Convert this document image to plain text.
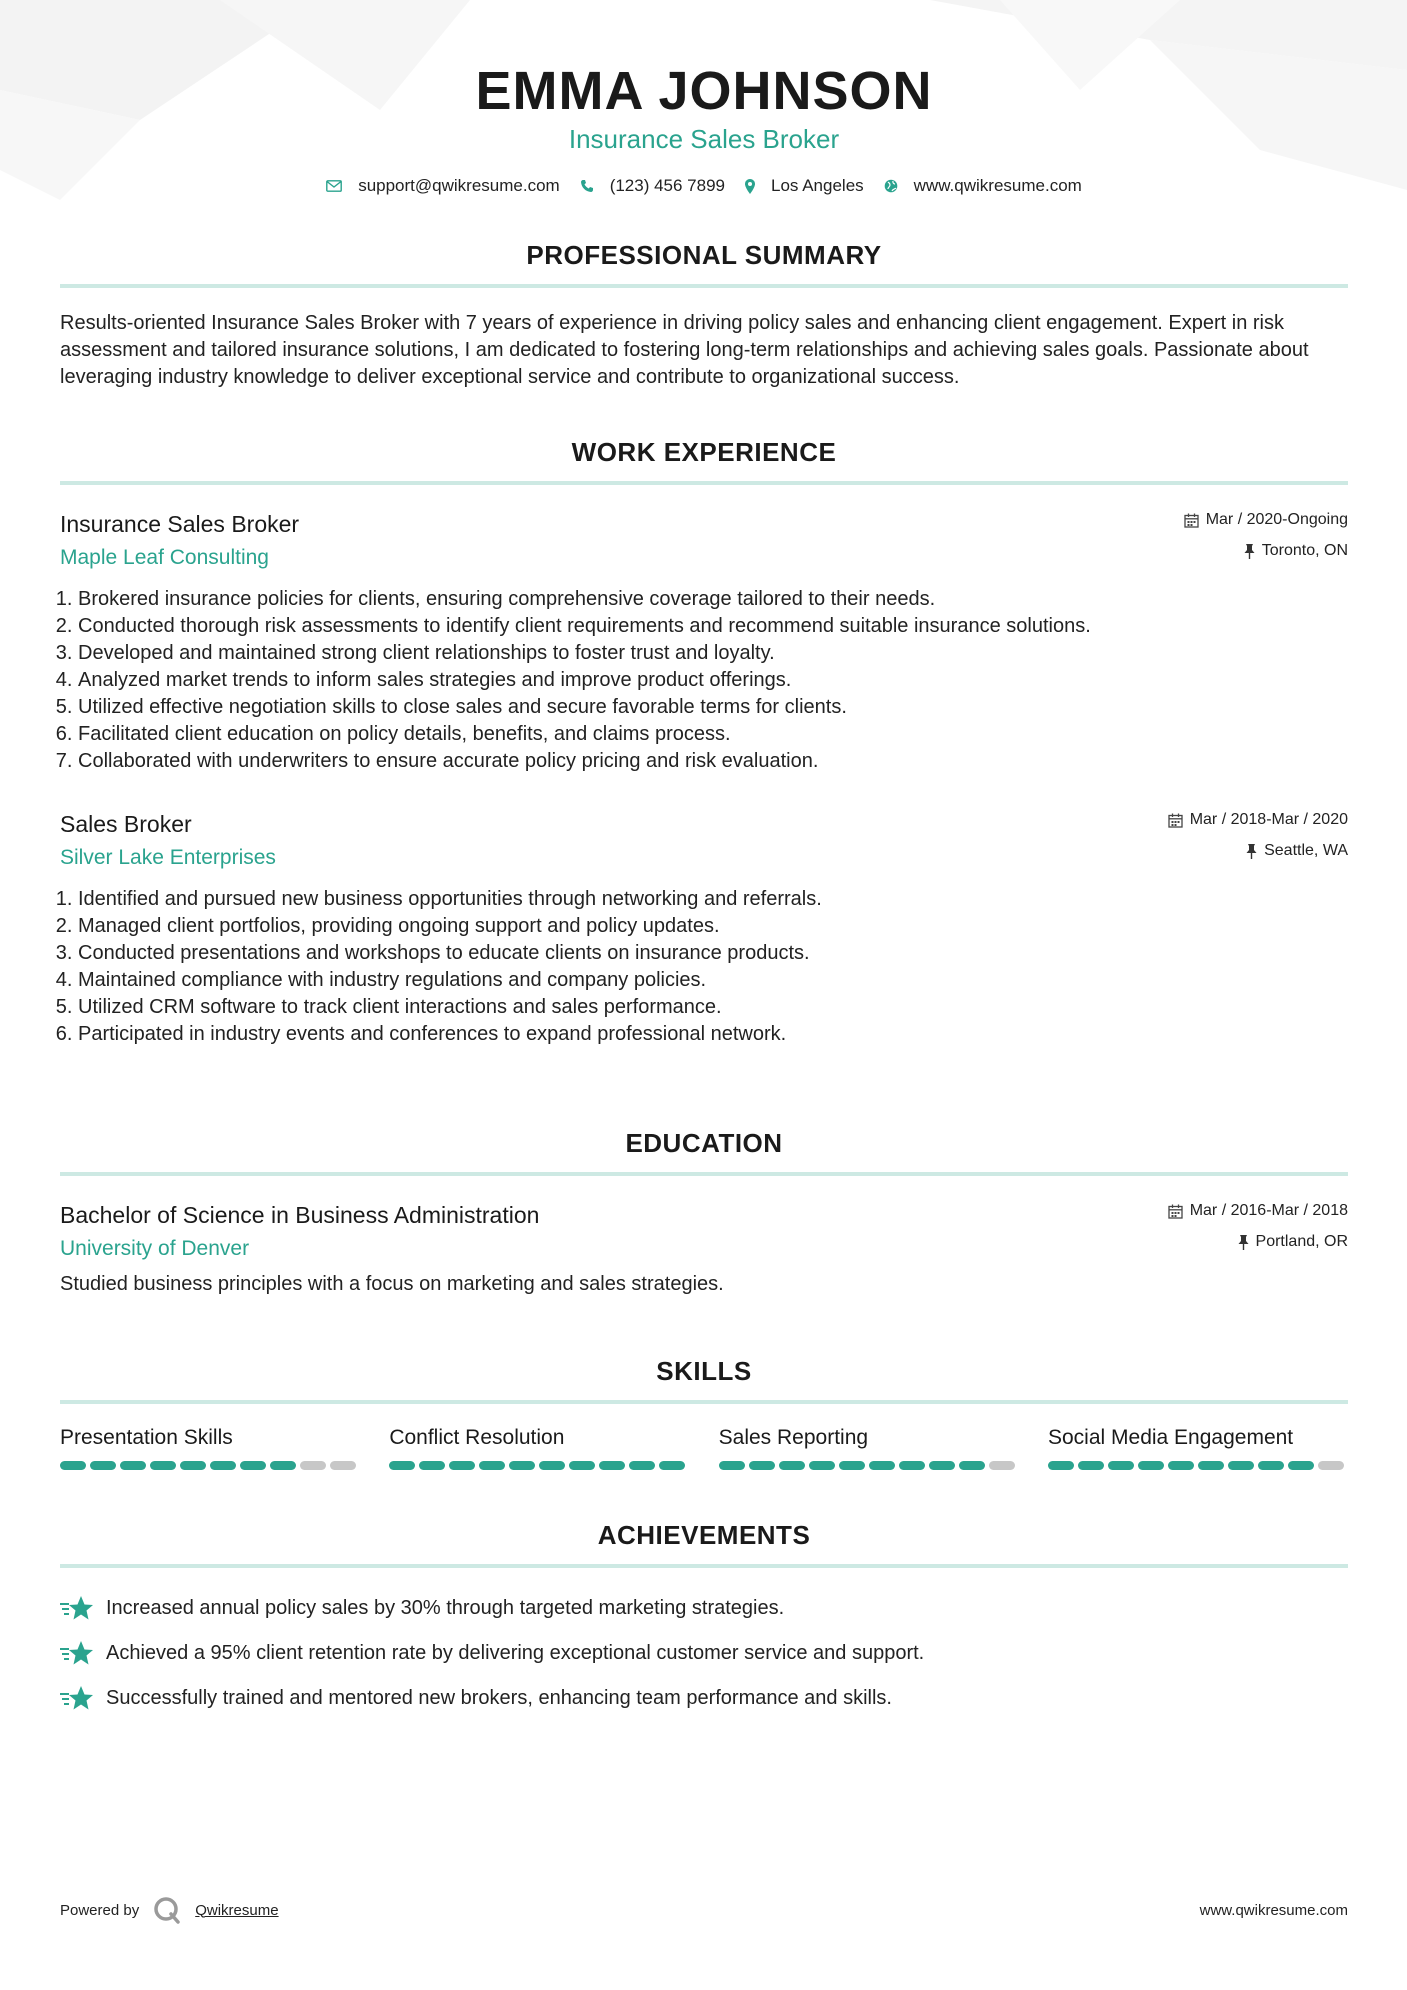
EMMA JOHNSON
Insurance Sales Broker
support@qwikresume.com	(123) 456 7899	Los Angeles	www.qwikresume.com
PROFESSIONAL SUMMARY
Results-oriented Insurance Sales Broker with 7 years of experience in driving policy sales and enhancing client engagement. Expert in risk assessment and tailored insurance solutions, I am dedicated to fostering long-term relationships and achieving sales goals. Passionate about leveraging industry knowledge to deliver exceptional service and contribute to organizational success.
WORK EXPERIENCE
Insurance Sales Broker
Maple Leaf Consulting
Mar / 2020-Ongoing
Toronto, ON
1. Brokered insurance policies for clients, ensuring comprehensive coverage tailored to their needs.
2. Conducted thorough risk assessments to identify client requirements and recommend suitable insurance solutions.
3. Developed and maintained strong client relationships to foster trust and loyalty.
4. Analyzed market trends to inform sales strategies and improve product offerings.
5. Utilized effective negotiation skills to close sales and secure favorable terms for clients.
6. Facilitated client education on policy details, benefits, and claims process.
7. Collaborated with underwriters to ensure accurate policy pricing and risk evaluation.
Sales Broker
Silver Lake Enterprises
Mar / 2018-Mar / 2020
Seattle, WA
1. Identified and pursued new business opportunities through networking and referrals.
2. Managed client portfolios, providing ongoing support and policy updates.
3. Conducted presentations and workshops to educate clients on insurance products.
4. Maintained compliance with industry regulations and company policies.
5. Utilized CRM software to track client interactions and sales performance.
6. Participated in industry events and conferences to expand professional network.
EDUCATION
Bachelor of Science in Business Administration
University of Denver
Mar / 2016-Mar / 2018
Portland, OR
Studied business principles with a focus on marketing and sales strategies.
SKILLS
Presentation Skills	Conflict Resolution	Sales Reporting	Social Media Engagement
ACHIEVEMENTS
Increased annual policy sales by 30% through targeted marketing strategies.
Achieved a 95% client retention rate by delivering exceptional customer service and support.
Successfully trained and mentored new brokers, enhancing team performance and skills.
Powered by	Qwikresume	www.qwikresume.com
